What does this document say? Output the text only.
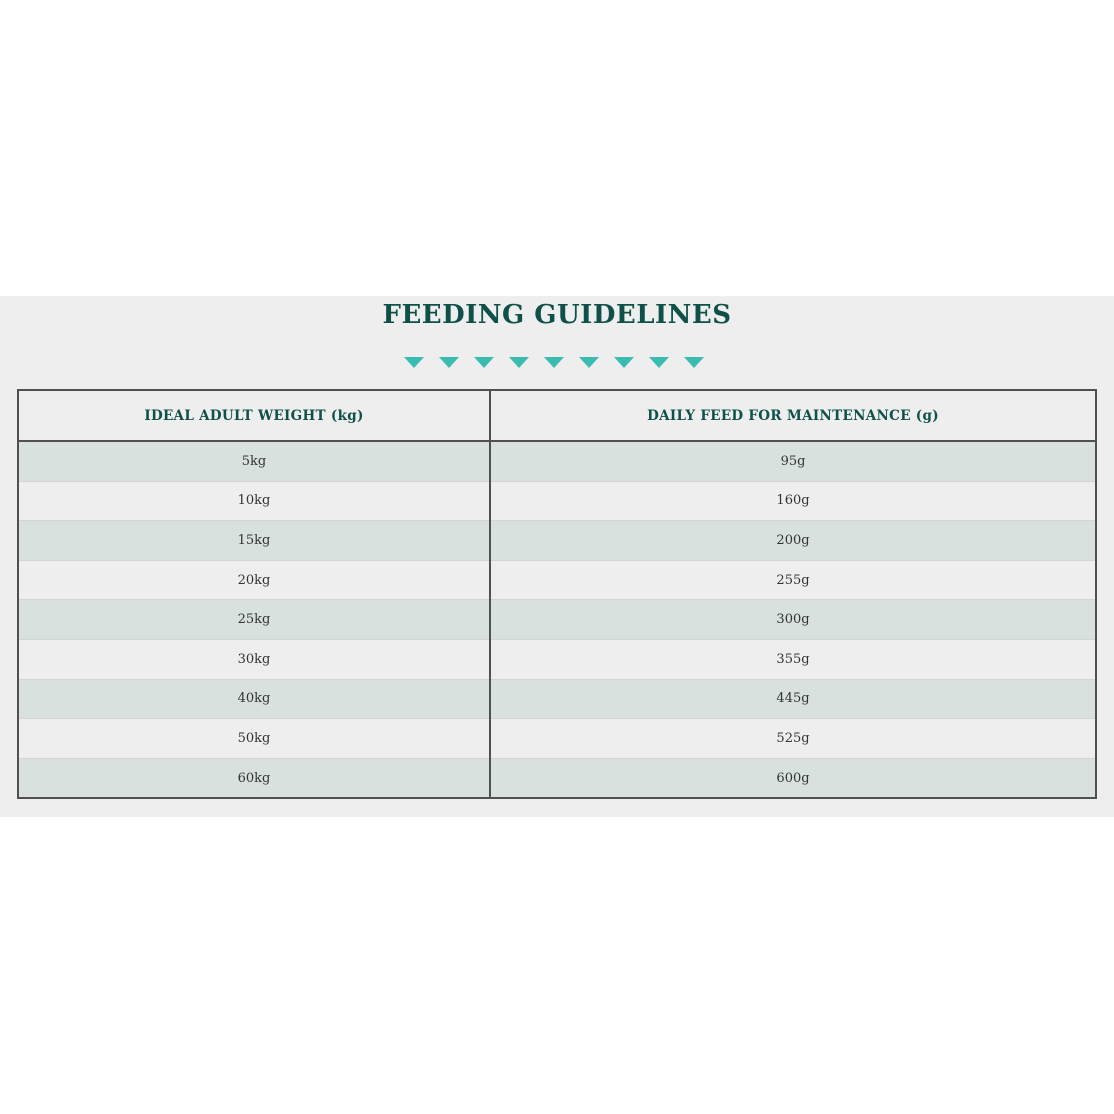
FEEDING GUIDELINES
IDEAL ADULT WEIGHT (kg)	DAILY FEED FOR MAINTENANCE (g)
5kg	95g
10kg	160g
15kg	200g
20kg	255g
25kg	300g
30kg	355g
40kg	445g
50kg	525g
60kg	600g
